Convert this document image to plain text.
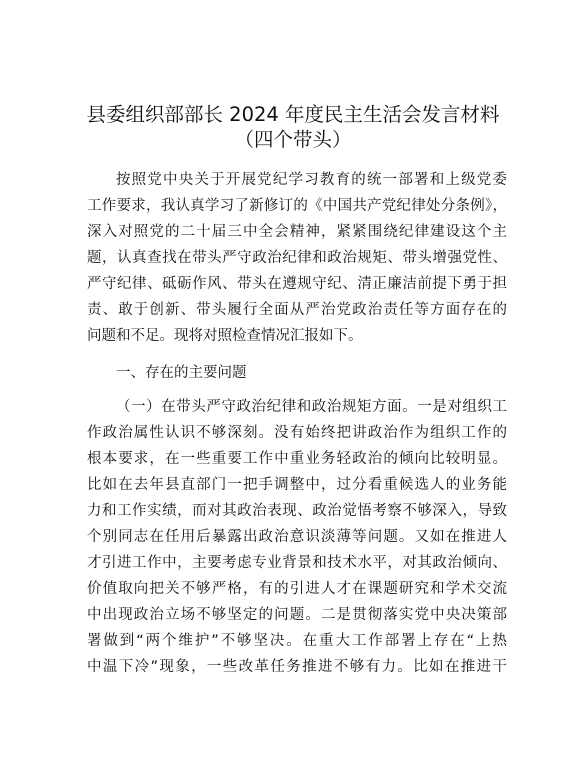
县委组织部部长 2024 年度民主生活会发言材料
（四个带头）
按照党中央关于开展党纪学习教育的统一部署和上级党委
工作要求，我认真学习了新修订的《中国共产党纪律处分条例》，
深入对照党的二十届三中全会精神，紧紧围绕纪律建设这个主
题，认真查找在带头严守政治纪律和政治规矩、带头增强党性、
严守纪律、砥砺作风、带头在遵规守纪、清正廉洁前提下勇于担
责、敢于创新、带头履行全面从严治党政治责任等方面存在的
问题和不足。现将对照检查情况汇报如下。
一、存在的主要问题
（一）在带头严守政治纪律和政治规矩方面。一是对组织工
作政治属性认识不够深刻。没有始终把讲政治作为组织工作的
根本要求，在一些重要工作中重业务轻政治的倾向比较明显。
比如在去年县直部门一把手调整中，过分看重候选人的业务能
力和工作实绩，而对其政治表现、政治觉悟考察不够深入，导致
个别同志在任用后暴露出政治意识淡薄等问题。又如在推进人
才引进工作中，主要考虑专业背景和技术水平，对其政治倾向、
价值取向把关不够严格，有的引进人才在课题研究和学术交流
中出现政治立场不够坚定的问题。二是贯彻落实党中央决策部
署做到“两个维护”不够坚决。在重大工作部署上存在“上热
中温下冷”现象，一些改革任务推进不够有力。比如在推进干
